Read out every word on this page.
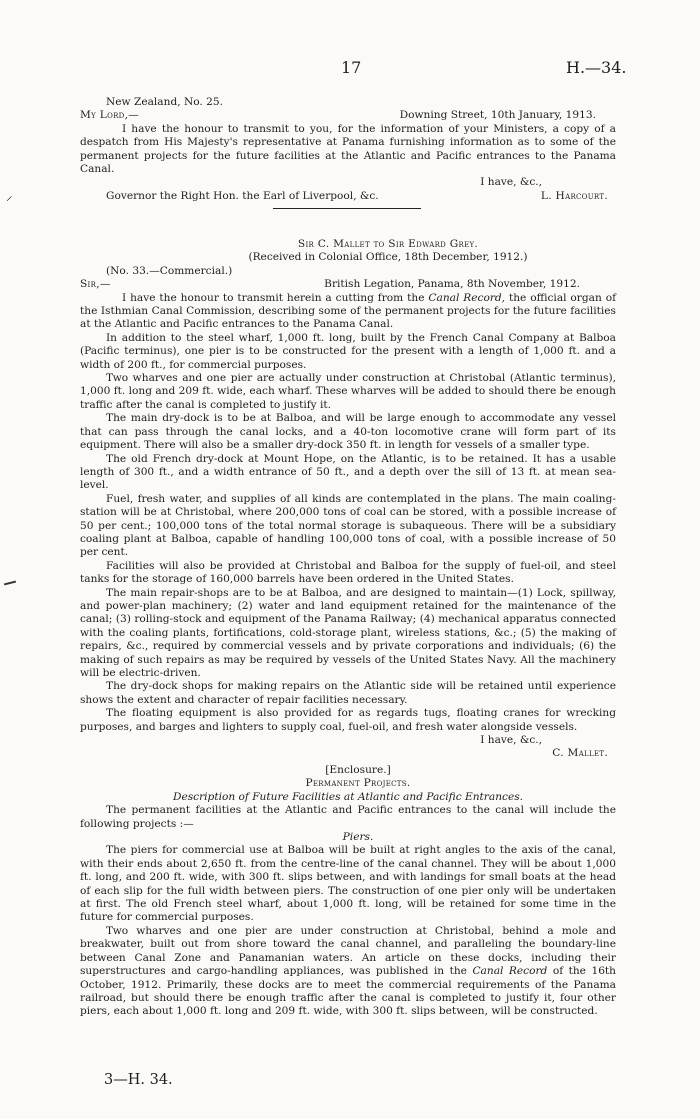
17	H.—34.
⸝

New Zealand, No. 25.

My Lord,—	Downing Street, 10th January, 1913.

I have the honour to transmit to you, for the information of your Ministers, a copy of a despatch from His Majesty's representative at Panama furnishing information as to some of the permanent projects for the future facilities at the Atlantic and Pacific entrances to the Panama Canal.

I have, &c.,

Governor the Right Hon. the Earl of Liverpool, &c.	L. Harcourt.

Sir C. Mallet to Sir Edward Grey.

(Received in Colonial Office, 18th December, 1912.)

(No. 33.—Commercial.)

Sir,—	British Legation, Panama, 8th November, 1912.

I have the honour to transmit herein a cutting from the Canal Record, the official organ of the Isthmian Canal Commission, describing some of the permanent projects for the future facilities at the Atlantic and Pacific entrances to the Panama Canal.

In addition to the steel wharf, 1,000 ft. long, built by the French Canal Company at Balboa (Pacific terminus), one pier is to be constructed for the present with a length of 1,000 ft. and a width of 200 ft., for commercial purposes.

Two wharves and one pier are actually under construction at Christobal (Atlantic terminus), 1,000 ft. long and 209 ft. wide, each wharf. These wharves will be added to should there be enough traffic after the canal is completed to justify it.

The main dry-dock is to be at Balboa, and will be large enough to accommodate any vessel that can pass through the canal locks, and a 40-ton locomotive crane will form part of its equipment. There will also be a smaller dry-dock 350 ft. in length for vessels of a smaller type.

The old French dry-dock at Mount Hope, on the Atlantic, is to be retained. It has a usable length of 300 ft., and a width entrance of 50 ft., and a depth over the sill of 13 ft. at mean sea-level.

Fuel, fresh water, and supplies of all kinds are contemplated in the plans. The main coaling-station will be at Christobal, where 200,000 tons of coal can be stored, with a possible increase of 50 per cent.; 100,000 tons of the total normal storage is subaqueous. There will be a subsidiary coaling plant at Balboa, capable of handling 100,000 tons of coal, with a possible increase of 50 per cent.

Facilities will also be provided at Christobal and Balboa for the supply of fuel-oil, and steel tanks for the storage of 160,000 barrels have been ordered in the United States.

The main repair-shops are to be at Balboa, and are designed to maintain—(1) Lock, spillway, and power-plan machinery; (2) water and land equipment retained for the maintenance of the canal; (3) rolling-stock and equipment of the Panama Railway; (4) mechanical apparatus connected with the coaling plants, fortifications, cold-storage plant, wireless stations, &c.; (5) the making of repairs, &c., required by commercial vessels and by private corporations and individuals; (6) the making of such repairs as may be required by vessels of the United States Navy. All the machinery will be electric-driven.

The dry-dock shops for making repairs on the Atlantic side will be retained until experience shows the extent and character of repair facilities necessary.

The floating equipment is also provided for as regards tugs, floating cranes for wrecking purposes, and barges and lighters to supply coal, fuel-oil, and fresh water alongside vessels.

I have, &c.,

C. Mallet.

[Enclosure.]

Permanent Projects.

Description of Future Facilities at Atlantic and Pacific Entrances.

The permanent facilities at the Atlantic and Pacific entrances to the canal will include the following projects :—

Piers.

The piers for commercial use at Balboa will be built at right angles to the axis of the canal, with their ends about 2,650 ft. from the centre-line of the canal channel. They will be about 1,000 ft. long, and 200 ft. wide, with 300 ft. slips between, and with landings for small boats at the head of each slip for the full width between piers. The construction of one pier only will be undertaken at first. The old French steel wharf, about 1,000 ft. long, will be retained for some time in the future for commercial purposes.

Two wharves and one pier are under construction at Christobal, behind a mole and breakwater, built out from shore toward the canal channel, and paralleling the boundary-line between Canal Zone and Panamanian waters. An article on these docks, including their superstructures and cargo-handling appliances, was published in the Canal Record of the 16th October, 1912. Primarily, these docks are to meet the commercial requirements of the Panama railroad, but should there be enough traffic after the canal is completed to justify it, four other piers, each about 1,000 ft. long and 209 ft. wide, with 300 ft. slips between, will be constructed.

3—H. 34.
